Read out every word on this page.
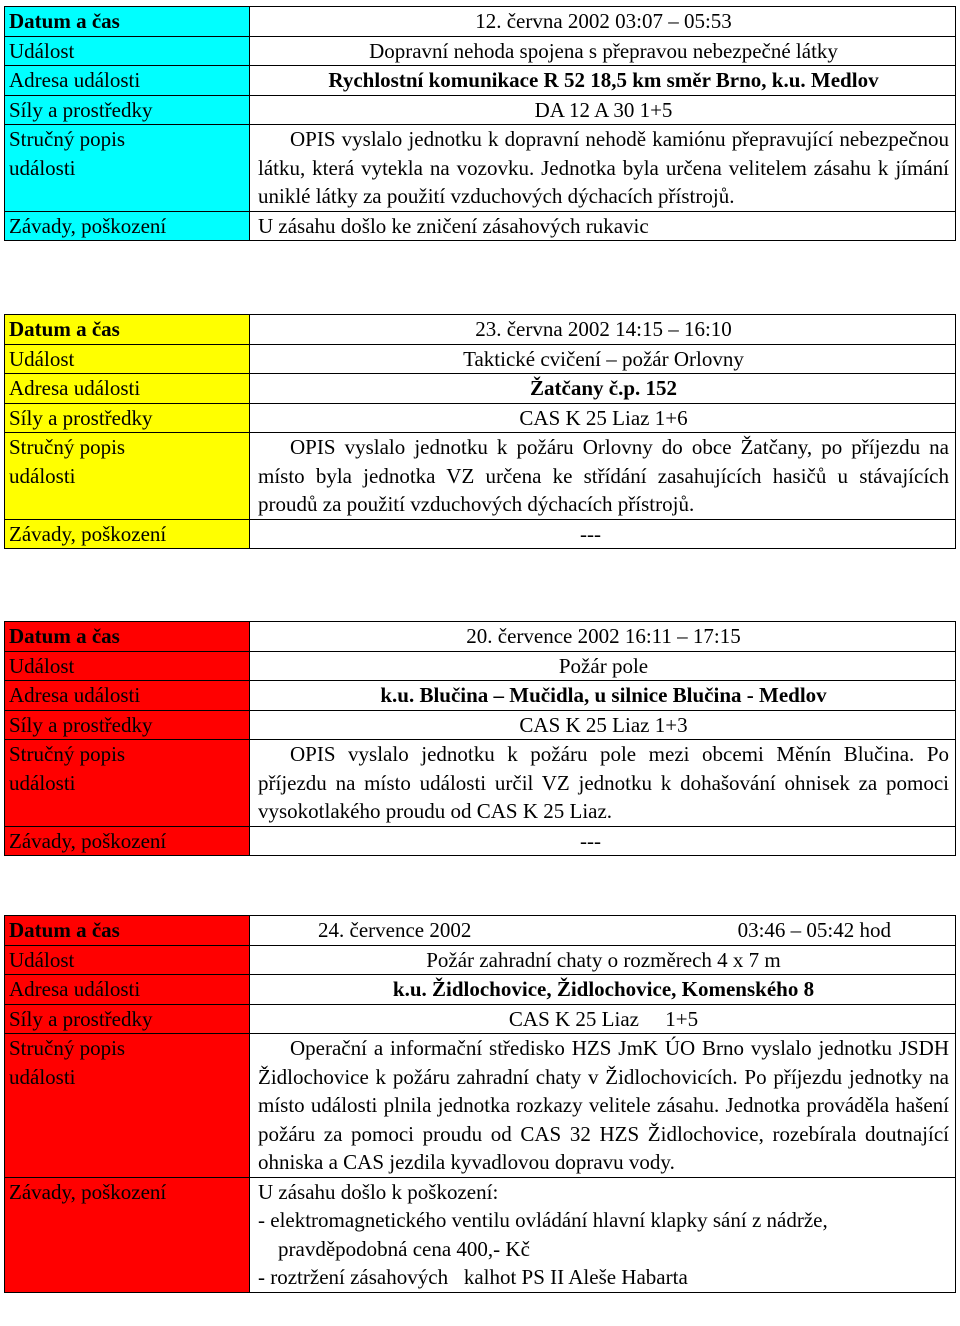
Datum a čas	12. června 2002 03:07 – 05:53
Událost	Dopravní nehoda spojena s přepravou nebezpečné látky
Adresa události	Rychlostní komunikace R 52 18,5 km směr Brno, k.u. Medlov
Síly a prostředky	DA 12 A 30 1+5

Stručný popis
události	OPIS vyslalo jednotku k dopravní nehodě kamiónu přepravující nebezpečnou látku, která vytekla na vozovku. Jednotka byla určena velitelem zásahu k jímání uniklé látky za použití vzduchových dýchacích přístrojů.
Závady, poškození	U zásahu došlo ke zničení zásahových rukavic
Datum a čas	23. června 2002 14:15 – 16:10
Událost	Taktické cvičení – požár Orlovny
Adresa události	Žatčany č.p. 152
Síly a prostředky	CAS K 25 Liaz 1+6

Stručný popis
události	OPIS vyslalo jednotku k požáru Orlovny do obce Žatčany, po příjezdu na místo byla jednotka VZ určena ke střídání zasahujících hasičů u stávajících proudů za použití vzduchových dýchacích přístrojů.
Závady, poškození	---
Datum a čas	20. července 2002 16:11 – 17:15
Událost	Požár pole
Adresa události	k.u. Blučina – Mučidla, u silnice Blučina - Medlov
Síly a prostředky	CAS K 25 Liaz 1+3

Stručný popis
události	OPIS vyslalo jednotku k požáru pole mezi obcemi Měnín Blučina. Po příjezdu na místo události určil VZ jednotku k dohašování ohnisek za pomoci vysokotlakého proudu od CAS K 25 Liaz.
Závady, poškození	---
Datum a čas	24. července 2002 03:46 – 05:42 hod

Událost	Požár zahradní chaty o rozměrech 4 x 7 m
Adresa události	k.u. Židlochovice, Židlochovice, Komenského 8
Síly a prostředky	CAS K 25 Liaz     1+5

Stručný popis
události	Operační a informační středisko HZS JmK ÚO Brno vyslalo jednotku JSDH Židlochovice k požáru zahradní chaty v Židlochovicích. Po příjezdu jednotky na místo události plnila jednotka rozkazy velitele zásahu. Jednotka prováděla hašení požáru za pomoci proudu od CAS 32 HZS Židlochovice, rozebírala doutnající ohniska a CAS jezdila kyvadlovou dopravu vody.
Závady, poškození	U zásahu došlo k poškození:
- elektromagnetického ventilu ovládání hlavní klapky sání z nádrže,
pravděpodobná cena 400,- Kč
- roztržení zásahových   kalhot PS II Aleše Habarta
